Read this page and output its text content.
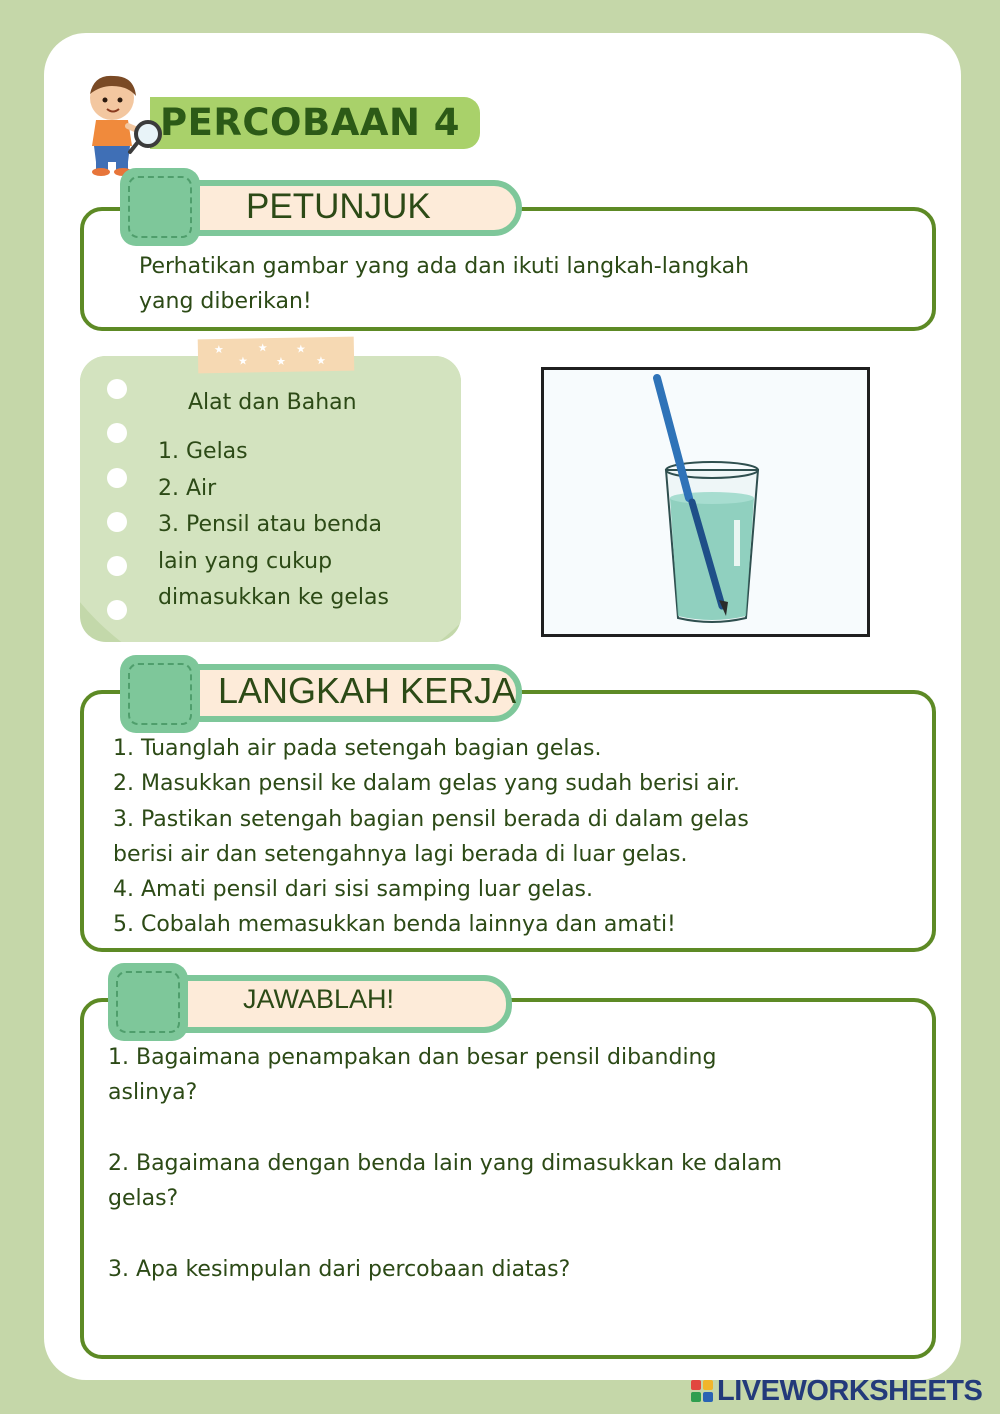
PERCOBAAN 4
PETUNJUK
Perhatikan gambar yang ada dan ikuti langkah-langkah
yang diberikan!
★
★
★
★
★
★
Alat dan Bahan
1. Gelas
2. Air
3. Pensil atau benda
lain yang cukup
dimasukkan ke gelas
LANGKAH KERJA
1. Tuanglah air pada setengah bagian gelas.
2. Masukkan pensil ke dalam gelas yang sudah berisi air.
3. Pastikan setengah bagian pensil berada di dalam gelas
berisi air dan setengahnya lagi berada di luar gelas.
4. Amati pensil dari sisi samping luar gelas.
5. Cobalah memasukkan benda lainnya dan amati!
JAWABLAH!
1. Bagaimana penampakan dan besar pensil dibanding
aslinya?
2. Bagaimana dengan benda lain yang dimasukkan ke dalam
gelas?
3. Apa kesimpulan dari percobaan diatas?
LIVEWORKSHEETS
